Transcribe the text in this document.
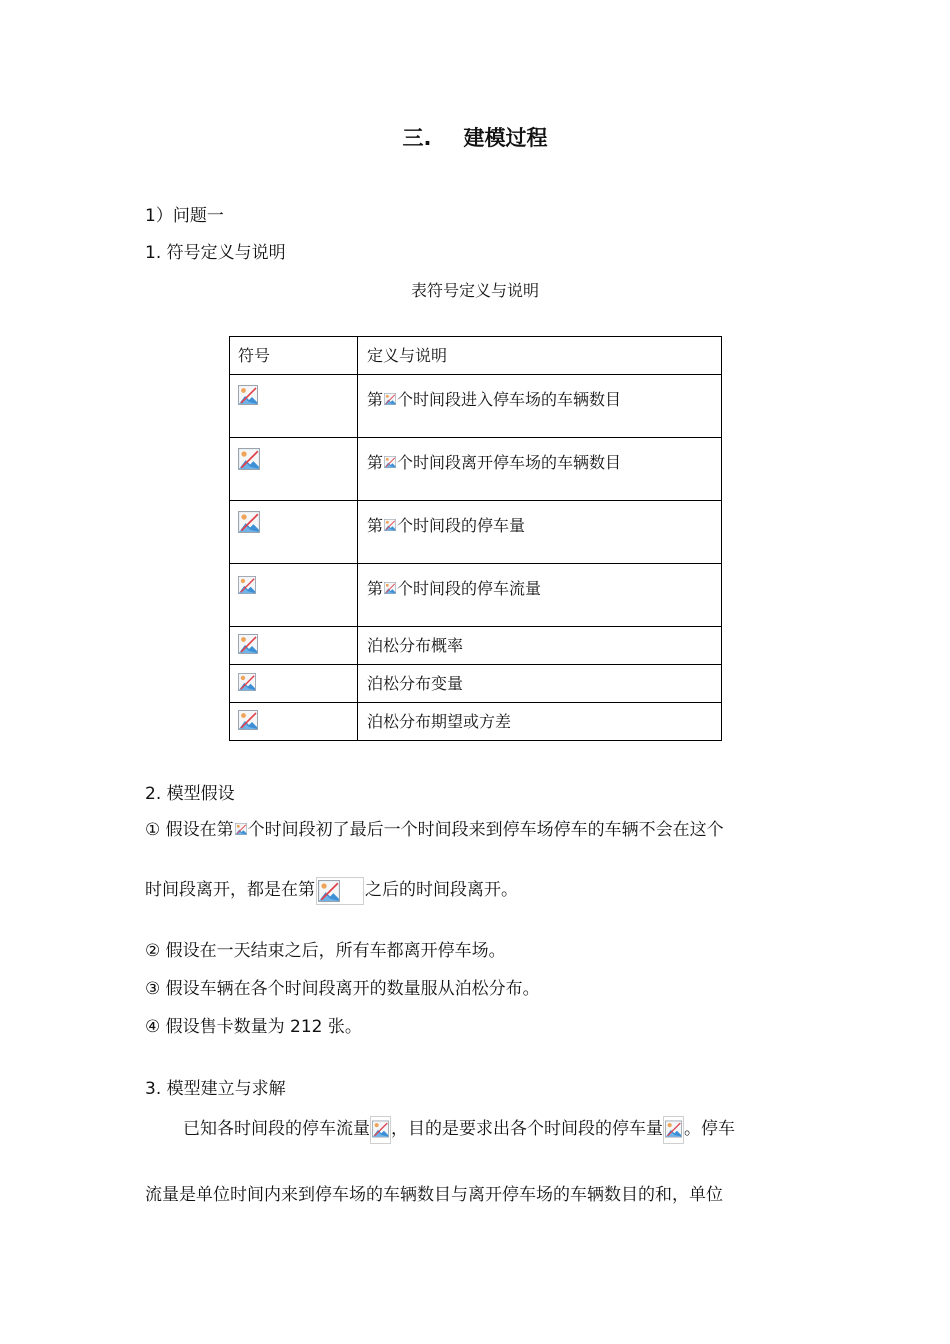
三. 建模过程
1）问题一
1. 符号定义与说明
表符号定义与说明
符号	定义与说明

	第 个时间段进入停车场的车辆数目

	第 个时间段离开停车场的车辆数目

	第 个时间段的停车量

	第 个时间段的停车流量

	泊松分布概率

	泊松分布变量

	泊松分布期望或方差
2. 模型假设
① 假设在第 个时间段初了最后一个时间段来到停车场停车的车辆不会在这个
时间段离开，都是在第	之后的时间段离开。
② 假设在一天结束之后，所有车都离开停车场。
③ 假设车辆在各个时间段离开的数量服从泊松分布。
④ 假设售卡数量为 212 张。
3. 模型建立与求解
已知各时间段的停车流量 ，目的是要求出各个时间段的停车量 。停车
流量是单位时间内来到停车场的车辆数目与离开停车场的车辆数目的和，单位
